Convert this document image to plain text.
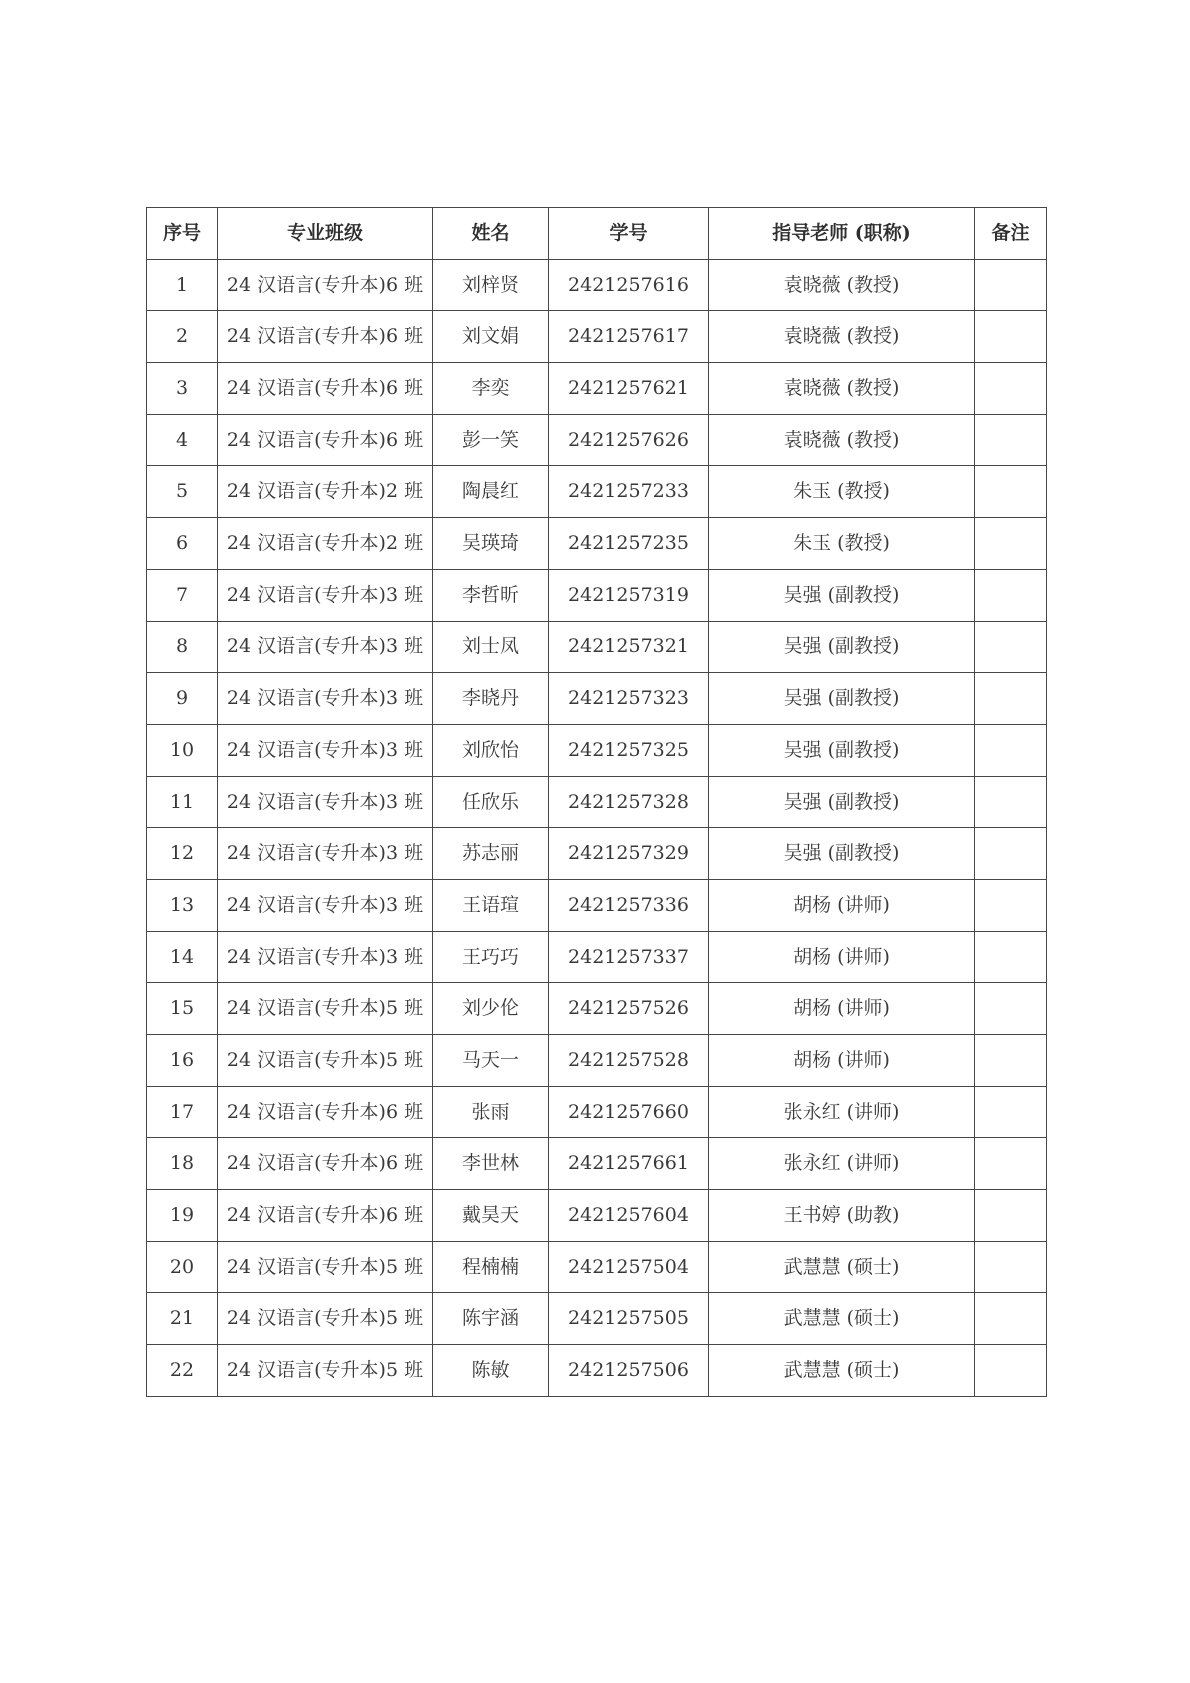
序号	专业班级	姓名	学号	指导老师 (职称)	备注
1	24 汉语言(专升本)6 班	刘梓贤	2421257616	袁晓薇 (教授)	
2	24 汉语言(专升本)6 班	刘文娟	2421257617	袁晓薇 (教授)	
3	24 汉语言(专升本)6 班	李奕	2421257621	袁晓薇 (教授)	
4	24 汉语言(专升本)6 班	彭一笑	2421257626	袁晓薇 (教授)	
5	24 汉语言(专升本)2 班	陶晨红	2421257233	朱玉 (教授)	
6	24 汉语言(专升本)2 班	吴瑛琦	2421257235	朱玉 (教授)	
7	24 汉语言(专升本)3 班	李哲昕	2421257319	吴强 (副教授)	
8	24 汉语言(专升本)3 班	刘士凤	2421257321	吴强 (副教授)	
9	24 汉语言(专升本)3 班	李晓丹	2421257323	吴强 (副教授)	
10	24 汉语言(专升本)3 班	刘欣怡	2421257325	吴强 (副教授)	
11	24 汉语言(专升本)3 班	任欣乐	2421257328	吴强 (副教授)	
12	24 汉语言(专升本)3 班	苏志丽	2421257329	吴强 (副教授)	
13	24 汉语言(专升本)3 班	王语瑄	2421257336	胡杨 (讲师)	
14	24 汉语言(专升本)3 班	王巧巧	2421257337	胡杨 (讲师)	
15	24 汉语言(专升本)5 班	刘少伦	2421257526	胡杨 (讲师)	
16	24 汉语言(专升本)5 班	马天一	2421257528	胡杨 (讲师)	
17	24 汉语言(专升本)6 班	张雨	2421257660	张永红 (讲师)	
18	24 汉语言(专升本)6 班	李世林	2421257661	张永红 (讲师)	
19	24 汉语言(专升本)6 班	戴昊天	2421257604	王书婷 (助教)	
20	24 汉语言(专升本)5 班	程楠楠	2421257504	武慧慧 (硕士)	
21	24 汉语言(专升本)5 班	陈宇涵	2421257505	武慧慧 (硕士)	
22	24 汉语言(专升本)5 班	陈敏	2421257506	武慧慧 (硕士)	
